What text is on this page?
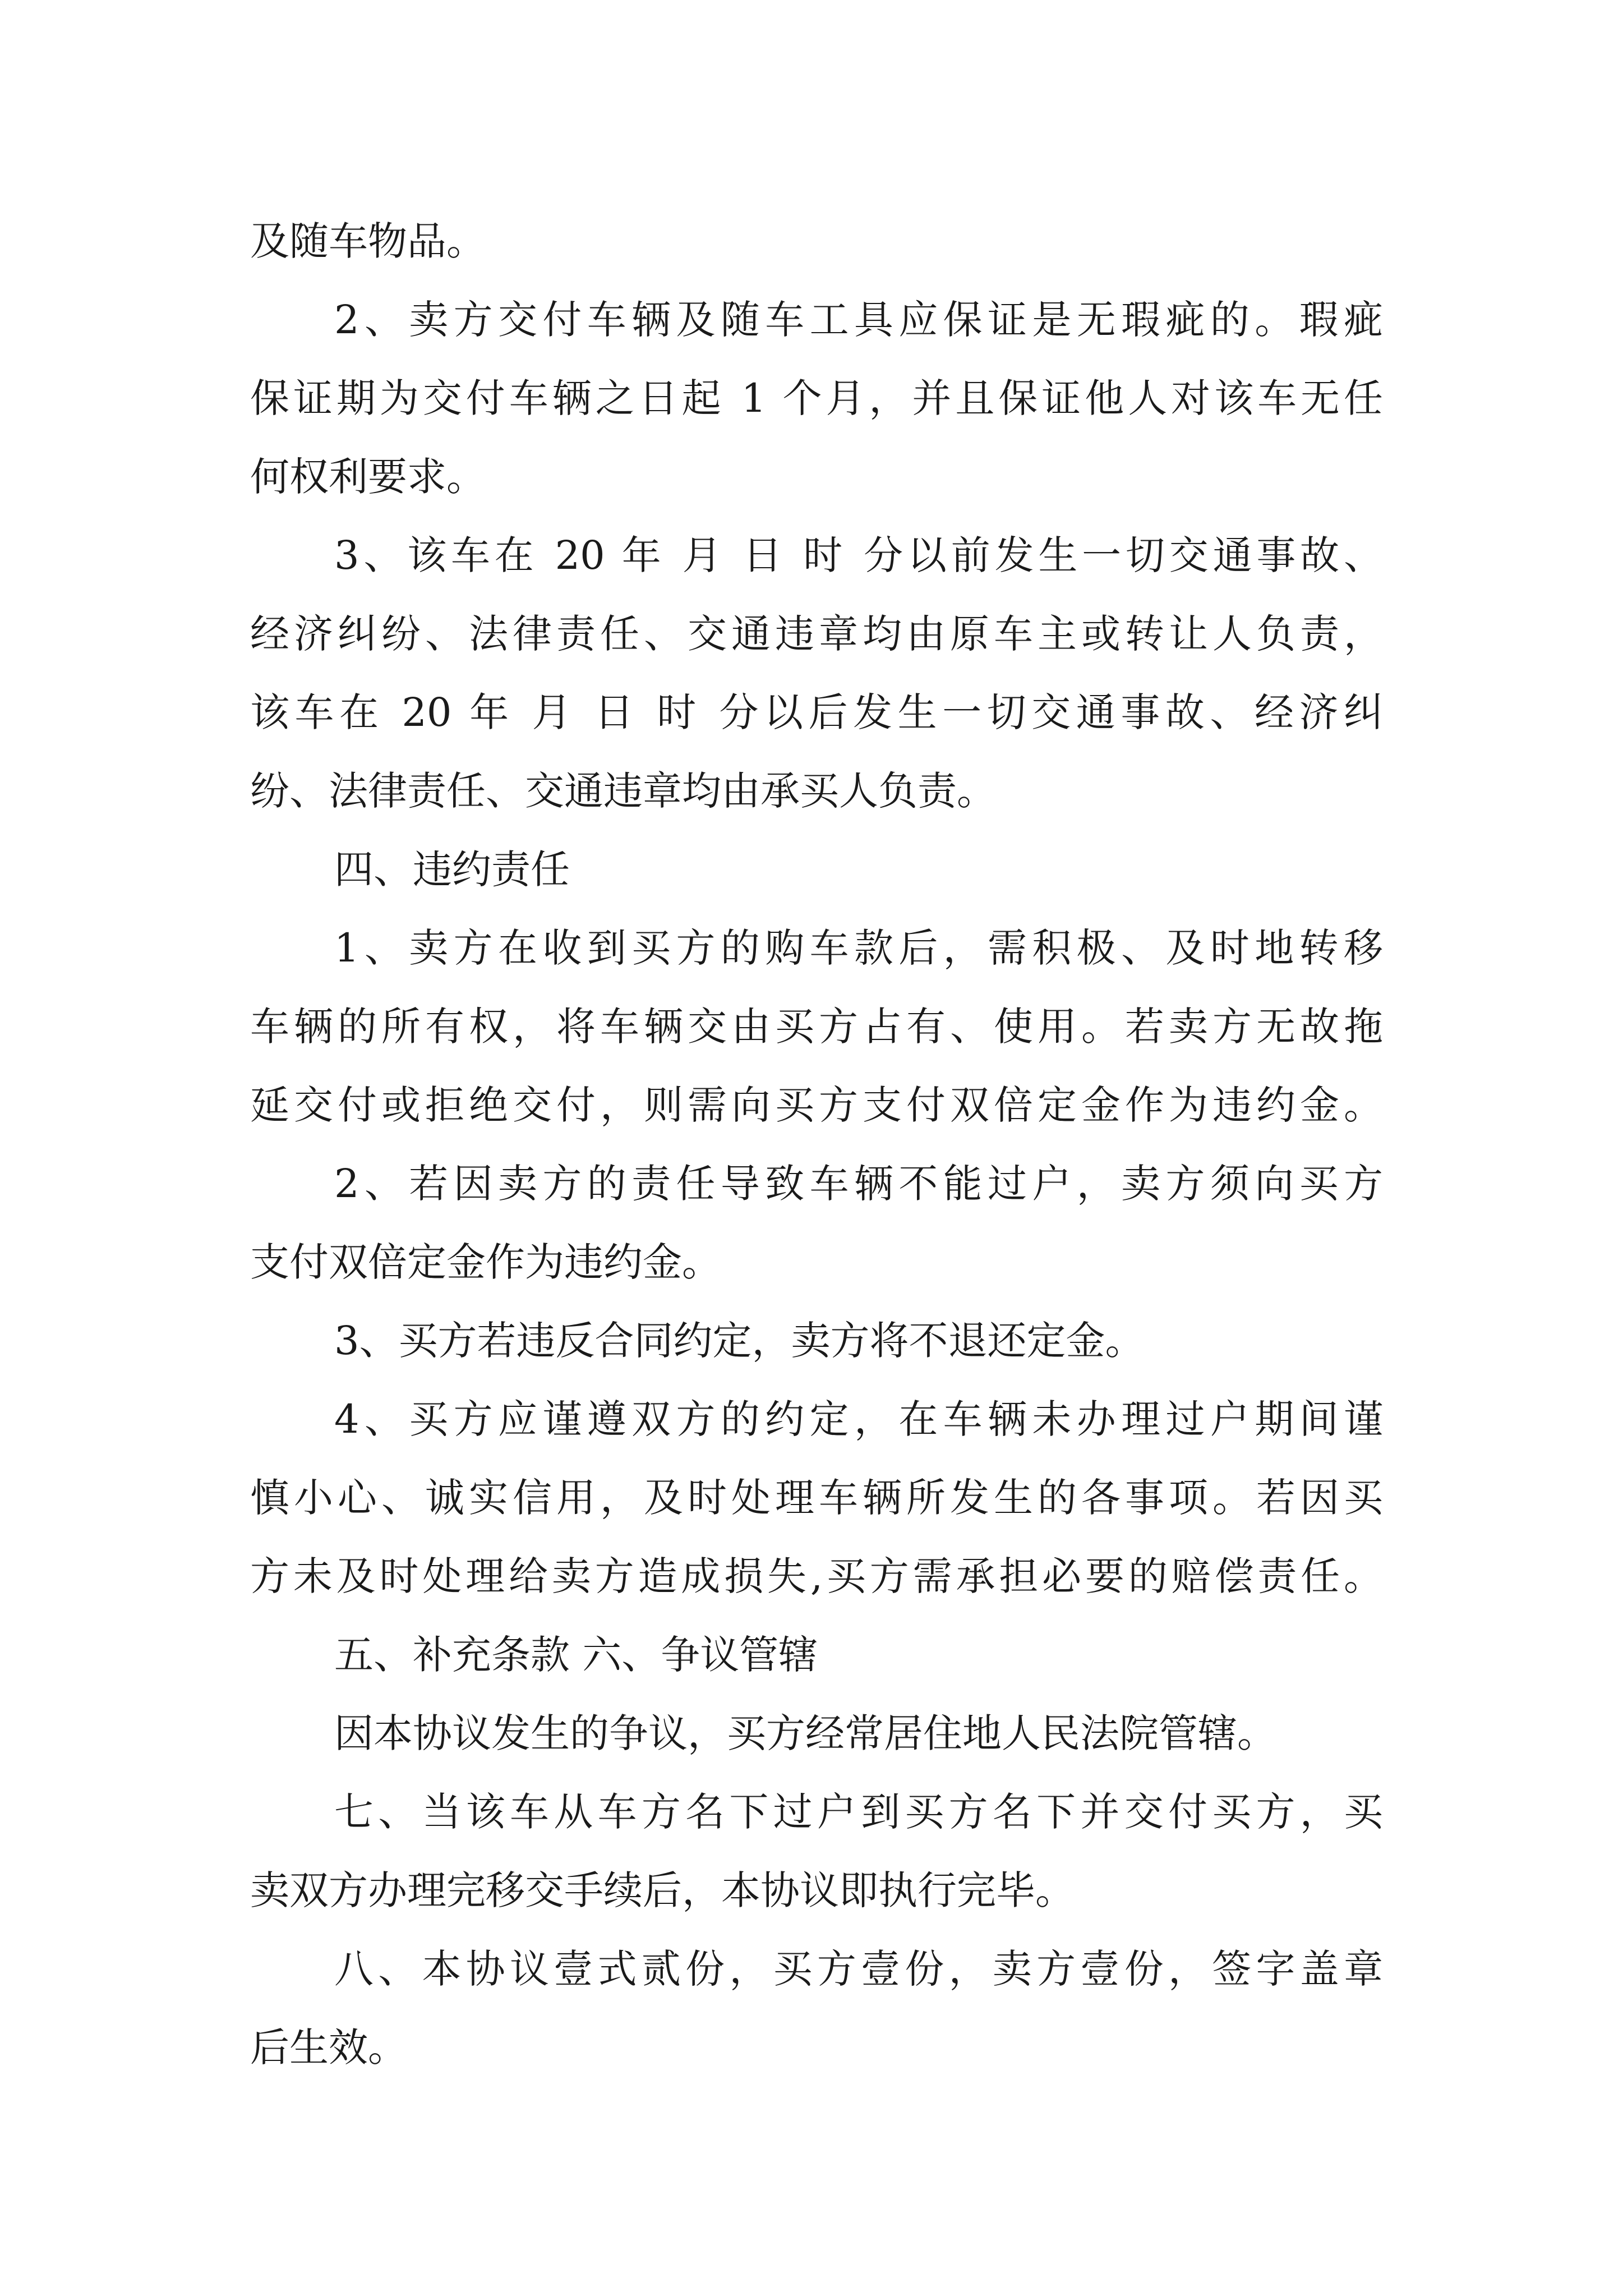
及随车物品。
2、卖方交付车辆及随车工具应保证是无瑕疵的。瑕疵
保证期为交付车辆之日起 1 个月，并且保证他人对该车无任
何权利要求。
3、该车在 20 年 月 日 时 分以前发生一切交通事故、
经济纠纷、法律责任、交通违章均由原车主或转让人负责，
该车在 20 年 月 日 时 分以后发生一切交通事故、经济纠
纷、法律责任、交通违章均由承买人负责。
四、违约责任
1、卖方在收到买方的购车款后，需积极、及时地转移
车辆的所有权，将车辆交由买方占有、使用。若卖方无故拖
延交付或拒绝交付，则需向买方支付双倍定金作为违约金。
2、若因卖方的责任导致车辆不能过户，卖方须向买方
支付双倍定金作为违约金。
3、买方若违反合同约定，卖方将不退还定金。
4、买方应谨遵双方的约定，在车辆未办理过户期间谨
慎小心、诚实信用，及时处理车辆所发生的各事项。若因买
方未及时处理给卖方造成损失,买方需承担必要的赔偿责任。
五、补充条款 六、争议管辖
因本协议发生的争议，买方经常居住地人民法院管辖。
七、当该车从车方名下过户到买方名下并交付买方，买
卖双方办理完移交手续后，本协议即执行完毕。
八、本协议壹式贰份，买方壹份，卖方壹份，签字盖章
后生效。
